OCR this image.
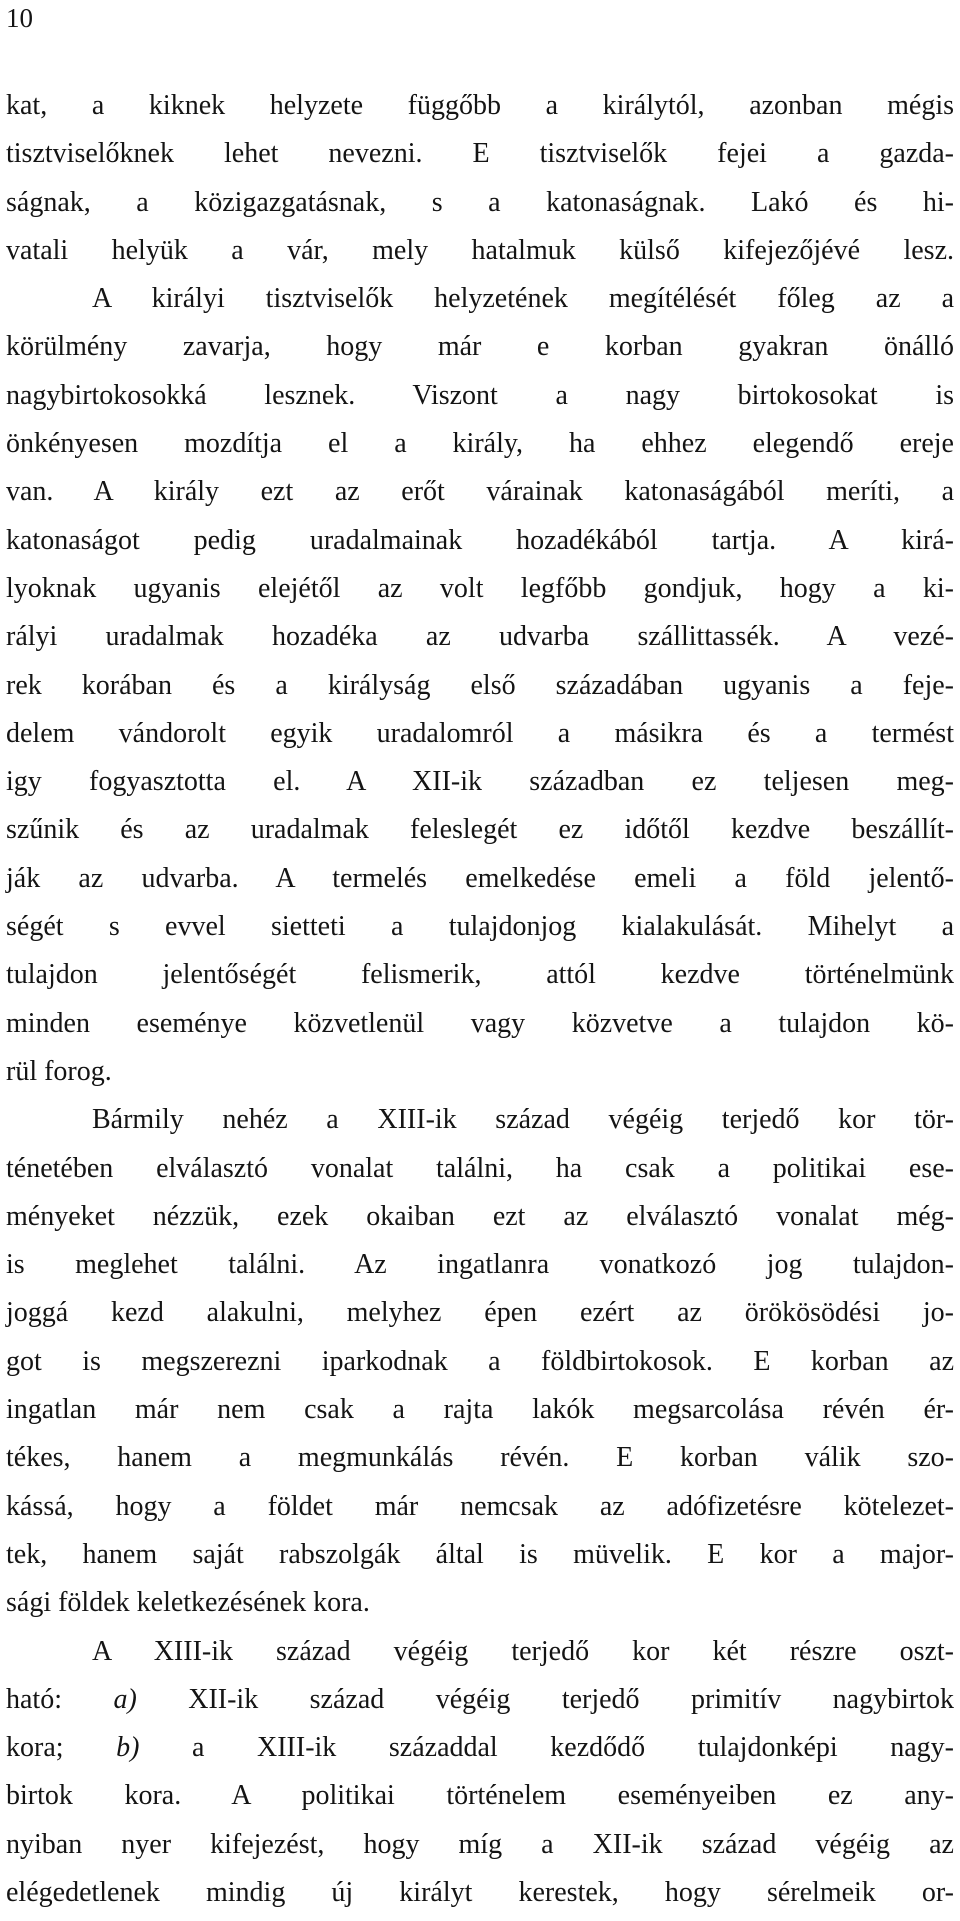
10
kat, a kiknek helyzete függőbb a királytól, azonban mégis
tisztviselőknek lehet nevezni. E tisztviselők fejei a gazda-
ságnak, a közigazgatásnak, s a katonaságnak. Lakó és hi-
vatali helyük a vár, mely hatalmuk külső kifejezőjévé lesz.
A királyi tisztviselők helyzetének megítélését főleg az a
körülmény zavarja, hogy már e korban gyakran önálló
nagybirtokosokká lesznek. Viszont a nagy birtokosokat is
önkényesen mozdítja el a király, ha ehhez elegendő ereje
van. A király ezt az erőt várainak katonaságából meríti, a
katonaságot pedig uradalmainak hozadékából tartja. A kirá-
lyoknak ugyanis elejétől az volt legfőbb gondjuk, hogy a ki-
rályi uradalmak hozadéka az udvarba szállittassék. A vezé-
rek korában és a királyság első századában ugyanis a feje-
delem vándorolt egyik uradalomról a másikra és a termést
igy fogyasztotta el. A XII-ik században ez teljesen meg-
szűnik és az uradalmak feleslegét ez időtől kezdve beszállít-
ják az udvarba. A termelés emelkedése emeli a föld jelentő-
ségét s evvel sietteti a tulajdonjog kialakulását. Mihelyt a
tulajdon jelentőségét felismerik, attól kezdve történelmünk
minden eseménye közvetlenül vagy közvetve a tulajdon kö-
rül forog.
Bármily nehéz a XIII-ik század végéig terjedő kor tör-
ténetében elválasztó vonalat találni, ha csak a politikai ese-
ményeket nézzük, ezek okaiban ezt az elválasztó vonalat még-
is meglehet találni. Az ingatlanra vonatkozó jog tulajdon-
joggá kezd alakulni, melyhez épen ezért az örökösödési jo-
got is megszerezni iparkodnak a földbirtokosok. E korban az
ingatlan már nem csak a rajta lakók megsarcolása révén ér-
tékes, hanem a megmunkálás révén. E korban válik szo-
kássá, hogy a földet már nemcsak az adófizetésre kötelezet-
tek, hanem saját rabszolgák által is müvelik. E kor a major-
sági földek keletkezésének kora.
A XIII-ik század végéig terjedő kor két részre oszt-
ható: a) XII-ik század végéig terjedő primitív nagybirtok
kora; b) a XIII-ik századdal kezdődő tulajdonképi nagy-
birtok kora. A politikai történelem eseményeiben ez any-
nyiban nyer kifejezést, hogy míg a XII-ik század végéig az
elégedetlenek mindig új királyt kerestek, hogy sérelmeik or-
